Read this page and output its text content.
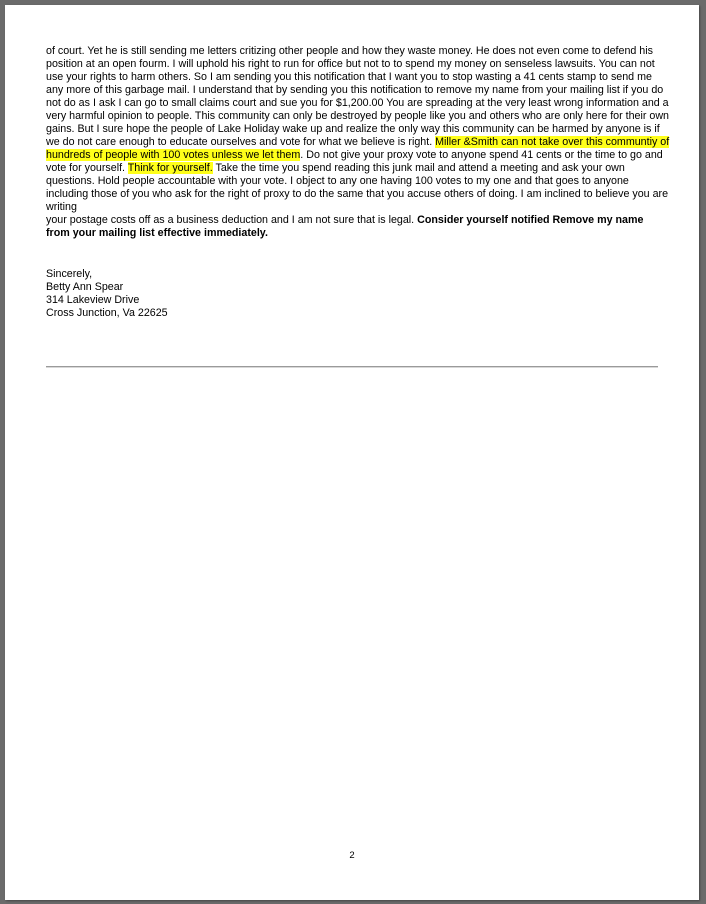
of court. Yet he is still sending me letters critizing other people and how they waste money. He does not even come to defend his position at an open fourm. I will uphold his right to run for office but not to to spend my money on senseless lawsuits. You can not use your rights to harm others. So I am sending you this notification that I want you to stop wasting a 41 cents stamp to send me any more of this garbage mail. I understand that by sending you this notification to remove my name from your mailing list if you do not do as I ask I can go to small claims court and sue you for $1,200.00 You are spreading at the very least wrong information and a very harmful opinion to people. This community can only be destroyed by people like you and others who are only here for their own gains. But I sure hope the people of Lake Holiday wake up and realize the only way this community can be harmed by anyone is if we do not care enough to educate ourselves and vote for what we believe is right. Miller &Smith can not take over this communtiy of hundreds of people with 100 votes unless we let them. Do not give your proxy vote to anyone spend 41 cents or the time to go and vote for yourself. Think for yourself. Take the time you spend reading this junk mail and attend a meeting and ask your own questions. Hold people accountable with your vote. I object to any one having 100 votes to my one and that goes to anyone including those of you who ask for the right of proxy to do the same that you accuse others of doing. I am inclined to believe you are writing

your postage costs off as a business deduction and I am not sure that is legal. Consider yourself notified Remove my name from your mailing list effective immediately.

Sincerely,
Betty Ann Spear
314 Lakeview Drive
Cross Junction, Va 22625
2
